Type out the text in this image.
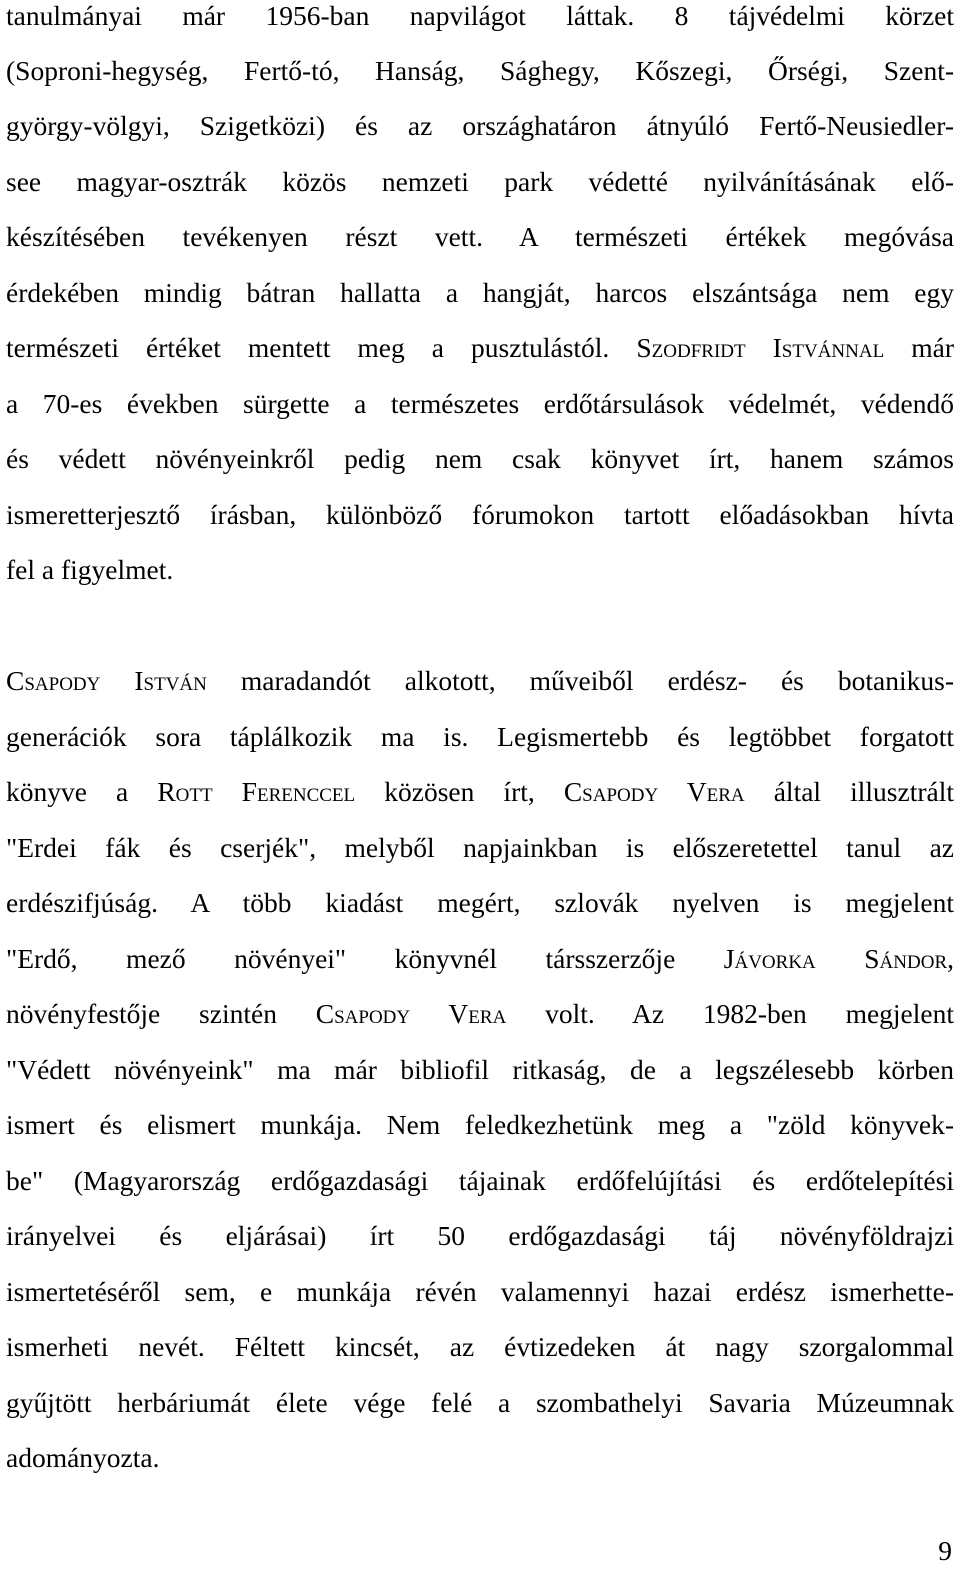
tanulmányai már 1956-ban napvilágot láttak. 8 tájvédelmi körzet
(Soproni-hegység, Fertő-tó, Hanság, Sághegy, Kőszegi, Őrségi, Szent-
györgy-völgyi, Szigetközi) és az országhatáron átnyúló Fertő-Neusiedler-
see magyar-osztrák közös nemzeti park védetté nyilvánításának elő-
készítésében tevékenyen részt vett. A természeti értékek megóvása
érdekében mindig bátran hallatta a hangját, harcos elszántsága nem egy
természeti értéket mentett meg a pusztulástól. Szodfridt Istvánnal már
a 70-es években sürgette a természetes erdőtársulások védelmét, védendő
és védett növényeinkről pedig nem csak könyvet írt, hanem számos
ismeretterjesztő írásban, különböző fórumokon tartott előadásokban hívta
fel a figyelmet.
Csapody István maradandót alkotott, műveiből erdész- és botanikus-
generációk sora táplálkozik ma is. Legismertebb és legtöbbet forgatott
könyve a Rott Ferenccel közösen írt, Csapody Vera által illusztrált
"Erdei fák és cserjék", melyből napjainkban is előszeretettel tanul az
erdészifjúság. A több kiadást megért, szlovák nyelven is megjelent
"Erdő, mező növényei" könyvnél társszerzője Jávorka Sándor,
növényfestője szintén Csapody Vera volt. Az 1982-ben megjelent
"Védett növényeink" ma már bibliofil ritkaság, de a legszélesebb körben
ismert és elismert munkája. Nem feledkezhetünk meg a "zöld könyvek-
be" (Magyarország erdőgazdasági tájainak erdőfelújítási és erdőtelepítési
irányelvei és eljárásai) írt 50 erdőgazdasági táj növényföldrajzi
ismertetéséről sem, e munkája révén valamennyi hazai erdész ismerhette-
ismerheti nevét. Féltett kincsét, az évtizedeken át nagy szorgalommal
gyűjtött herbáriumát élete vége felé a szombathelyi Savaria Múzeumnak
adományozta.
9
